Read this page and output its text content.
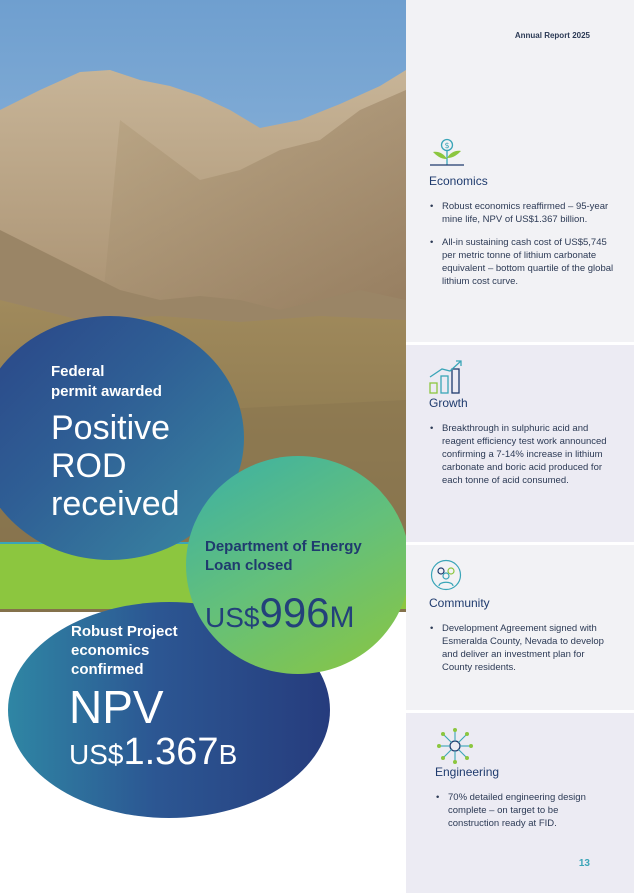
Federal
permit awarded
Positive
ROD
received
Department of Energy
Loan closed
US$996M
Robust Project
economics
confirmed
NPV
US$1.367B
Annual Report 2025
$
Economics
• Robust economics reaffirmed – 95-year mine life, NPV of US$1.367 billion.
• All-in sustaining cash cost of US$5,745 per metric tonne of lithium carbonate equivalent – bottom quartile of the global lithium cost curve.
Growth
• Breakthrough in sulphuric acid and reagent efficiency test work announced confirming a 7-14% increase in lithium carbonate and boric acid produced for each tonne of acid consumed.
Community
• Development Agreement signed with Esmeralda County, Nevada to develop and deliver an investment plan for County residents.
Engineering
• 70% detailed engineering design complete – on target to be construction ready at FID.
13
